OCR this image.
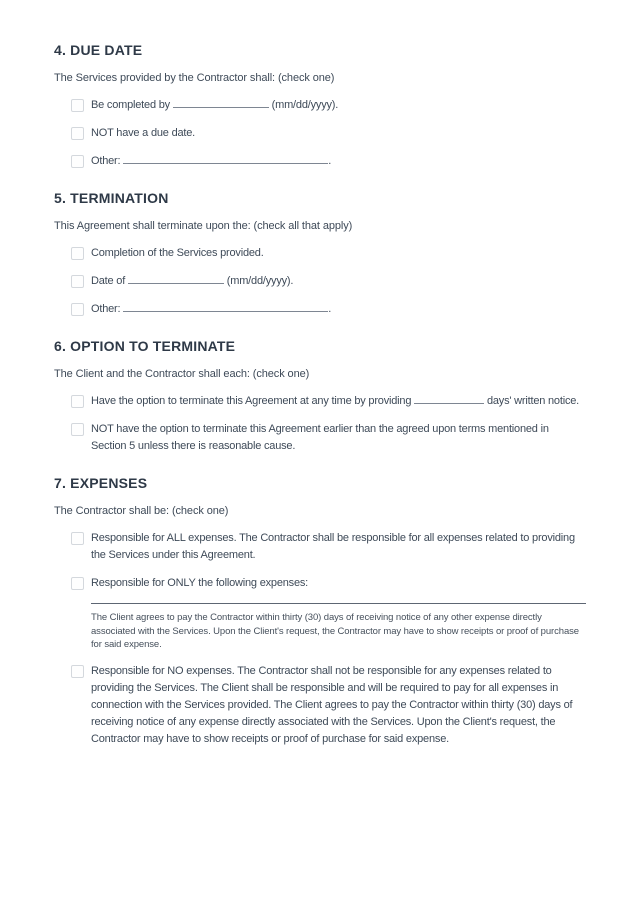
4. DUE DATE

The Services provided by the Contractor shall: (check one)

Be completed by	(mm/dd/yyyy).
NOT have a due date.
Other:	.
5. TERMINATION

This Agreement shall terminate upon the: (check all that apply)

Completion of the Services provided.
Date of	(mm/dd/yyyy).
Other:	.
6. OPTION TO TERMINATE

The Client and the Contractor shall each: (check one)

Have the option to terminate this Agreement at any time by providing	days' written notice.
NOT have the option to terminate this Agreement earlier than the agreed upon terms mentioned in Section 5 unless there is reasonable cause.
7. EXPENSES

The Contractor shall be: (check one)

Responsible for ALL expenses. The Contractor shall be responsible for all expenses related to providing the Services under this Agreement.
Responsible for ONLY the following expenses:

The Client agrees to pay the Contractor within thirty (30) days of receiving notice of any other expense directly associated with the Services. Upon the Client's request, the Contractor may have to show receipts or proof of purchase for said expense.

Responsible for NO expenses. The Contractor shall not be responsible for any expenses related to providing the Services. The Client shall be responsible and will be required to pay for all expenses in connection with the Services provided. The Client agrees to pay the Contractor within thirty (30) days of receiving notice of any expense directly associated with the Services. Upon the Client's request, the Contractor may have to show receipts or proof of purchase for said expense.
